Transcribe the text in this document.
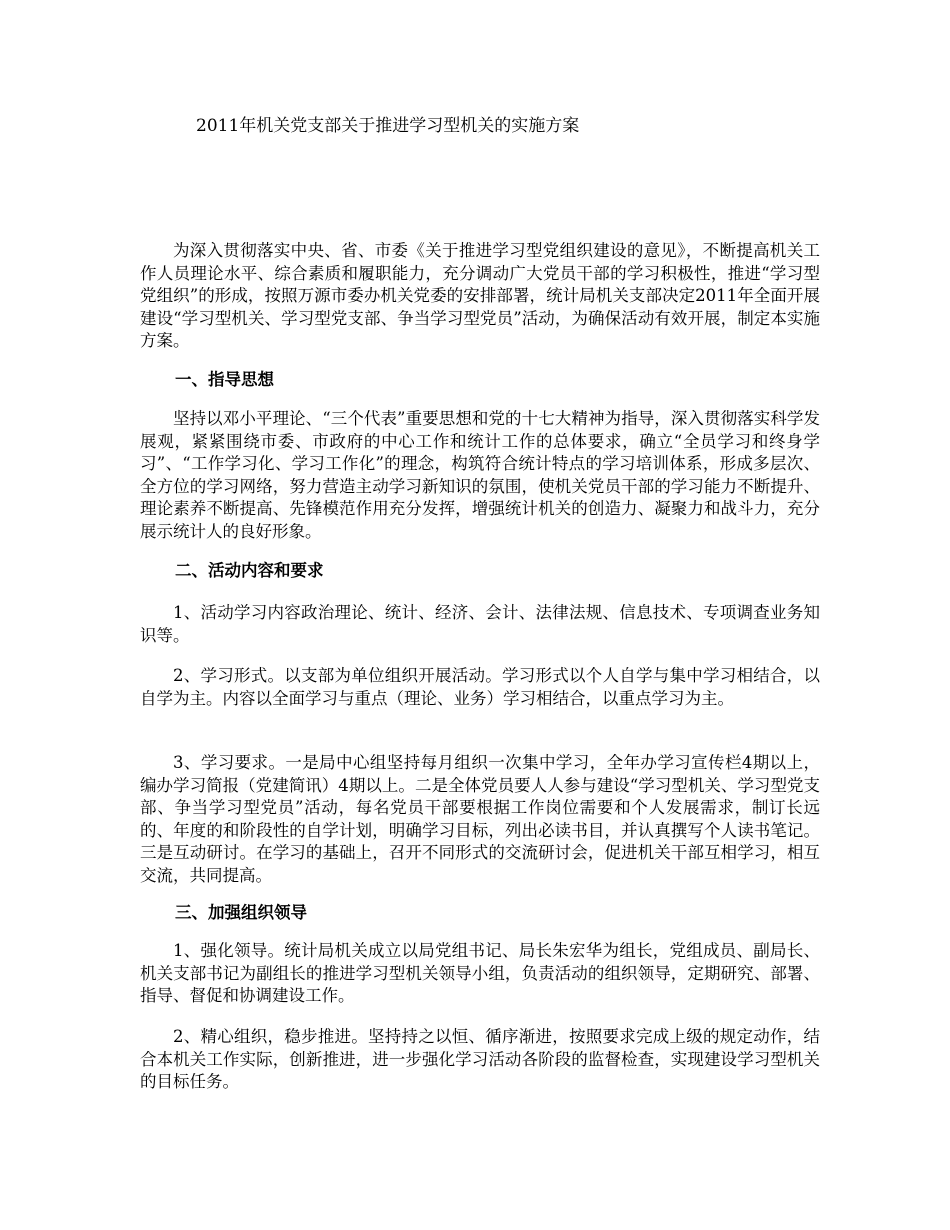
2011年机关党支部关于推进学习型机关的实施方案

为深入贯彻落实中央、省、市委《关于推进学习型党组织建设的意见》，不断提高机关工作人员理论水平、综合素质和履职能力，充分调动广大党员干部的学习积极性，推进“学习型党组织”的形成，按照万源市委办机关党委的安排部署，统计局机关支部决定2011年全面开展建设“学习型机关、学习型党支部、争当学习型党员”活动，为确保活动有效开展，制定本实施方案。

一、指导思想

坚持以邓小平理论、“三个代表”重要思想和党的十七大精神为指导，深入贯彻落实科学发展观，紧紧围绕市委、市政府的中心工作和统计工作的总体要求，确立“全员学习和终身学习”、“工作学习化、学习工作化”的理念，构筑符合统计特点的学习培训体系，形成多层次、全方位的学习网络，努力营造主动学习新知识的氛围，使机关党员干部的学习能力不断提升、理论素养不断提高、先锋模范作用充分发挥，增强统计机关的创造力、凝聚力和战斗力，充分展示统计人的良好形象。

二、活动内容和要求

1、活动学习内容政治理论、统计、经济、会计、法律法规、信息技术、专项调查业务知识等。

2、学习形式。以支部为单位组织开展活动。学习形式以个人自学与集中学习相结合，以自学为主。内容以全面学习与重点（理论、业务）学习相结合，以重点学习为主。

3、学习要求。一是局中心组坚持每月组织一次集中学习，全年办学习宣传栏4期以上，编办学习简报（党建简讯）4期以上。二是全体党员要人人参与建设“学习型机关、学习型党支部、争当学习型党员”活动，每名党员干部要根据工作岗位需要和个人发展需求，制订长远的、年度的和阶段性的自学计划，明确学习目标，列出必读书目，并认真撰写个人读书笔记。三是互动研讨。在学习的基础上，召开不同形式的交流研讨会，促进机关干部互相学习，相互交流，共同提高。

三、加强组织领导

1、强化领导。统计局机关成立以局党组书记、局长朱宏华为组长，党组成员、副局长、机关支部书记为副组长的推进学习型机关领导小组，负责活动的组织领导，定期研究、部署、指导、督促和协调建设工作。

2、精心组织，稳步推进。坚持持之以恒、循序渐进，按照要求完成上级的规定动作，结合本机关工作实际，创新推进，进一步强化学习活动各阶段的监督检查，实现建设学习型机关的目标任务。
